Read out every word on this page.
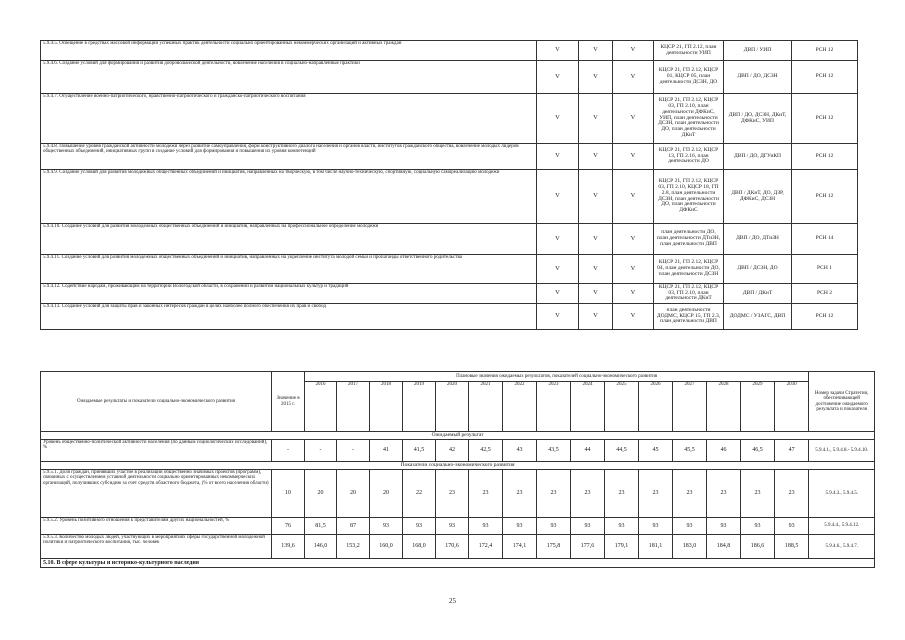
5.9.4.5. Освещение в средствах массовой информации успешных практик деятельности социально ориентированных некоммерческих организаций и активных граждан	V	V	V	КЦСР 21, ГП 2.12, план деятельности УИП	ДВП / УИП	РСН 12
5.9.4.6. Создание условий для формирования и развития добровольческой деятельности, вовлечение населения в социально-направленные практики	V	V	V	КЦСР 21, ГП 2.12, КЦСР 01, КЦСР 05, план деятельности ДСЗН, ДО	ДВП / ДО, ДСЗН	РСН 12
5.9.4.7. Осуществление военно-патриотического, нравственно-патриотического и гражданско-патриотического воспитания	V	V	V	КЦСР 21, ГП 2.12, КЦСР 03, ГП 2.10, план деятельности ДФКиС, УИП, план деятельности ДСЗН, план деятельности ДО, план деятельности ДКиТ	ДВП / ДО, ДСЗН, ДКиТ, ДФКиС, УИП	РСН 12
5.9.4.8. Повышение уровня гражданской активности молодежи через развитие самоуправления, форм конструктивного диалога населения и органов власти, институтов гражданского общества, вовлечение молодых лидеров общественных объединений, инициативных групп в создание условий для формирования и повышения их уровня компетенций	V	V	V	КЦСР 21, ГП 2.12, КЦСР 13, ГП 2.16, план деятельности ДО	ДВП / ДО, ДГУиКП	РСН 12
5.9.4.9. Создание условий для развития молодежных общественных объединений и инициатив, направленных на творческую, в том числе научно-техническую, спортивную, социальную самореализацию молодежи	V	V	V	КЦСР 21, ГП 2.12, КЦСР 03, ГП 2.10, КЦСР 18, ГП 2.8, план деятельности ДСЗН, план деятельности ДО, план деятельности ДФКиС	ДВП / ДКиТ, ДО, ДЗР, ДФКиС, ДСЗН	РСН 12
5.9.4.10. Создание условий для развития молодежных общественных объединений и инициатив, направленных на профессиональное определение молодежи	V	V	V	план деятельности ДО, план деятельности ДТиЗН, план деятельности ДВП	ДВП / ДО, ДТиЗН	РСН 14
5.9.4.11. Создание условий для развития молодежных общественных объединений и инициатив, направленных на укрепление института молодой семьи и пропаганды ответственного родительства	V	V	V	КЦСР 21, ГП 2.12, КЦСР 04, план деятельности ДО, план деятельности ДСЗН	ДВП / ДСЗН, ДО	РСН 1
5.9.4.12. Содействие народам, проживающим на территории Вологодской области, в сохранении и развитии национальных культур и традиций	V	V	V	КЦСР 21, ГП 2.12, КЦСР 03, ГП 2.10, план деятельности ДКиТ	ДВП / ДКиТ	РСН 2
5.9.4.13. Создание условий для защиты прав и законных интересов граждан в целях наиболее полного обеспечения их прав и свобод	V	V	V	план деятельности ДОДМС, КЦСР 15, ГП 2.3, план деятельности ДВП	ДОДМС / УЗАГС, ДВП	РСН 12
Ожидаемые результаты и показатели социально-экономического развития	Значение в 2015 г.	Плановые значения ожидаемых результатов, показателей социально-экономического развития															Номер задачи Стратегии, обеспечивающей достижение ожидаемого результата и показателя
		2016	2017	2018	2019	2020	2021	2022	2023	2024	2025	2026	2027	2028	2029	2030	
Ожидаемый результат																	
Уровень общественно-политической активности населения (по данным социологических исследований), %	-	-	-	41	41,5	42	42,5	43	43,5	44	44,5	45	45,5	46	46,5	47	5.9.4.1., 5.9.4.8.- 5.9.4.10.
Показатели социально-экономического развития																	
5.9.5.1. Доля граждан, принявших участие в реализации общественно значимых проектов (программ), связанных с осуществлением уставной деятельности социально ориентированных некоммерческих организаций, получивших субсидию за счет средств областного бюджета, (% от всего населения области)	10	20	20	20	22	23	23	23	23	23	23	23	23	23	23	23	5.9.4.3., 5.9.4.5.
5.9.5.2. Уровень позитивного отношения к представителям других национальностей, %	76	81,5	87	93	93	93	93	93	93	93	93	93	93	93	93	93	5.9.4.4., 5.9.4.12.
5.9.5.3. Количество молодых людей, участвующих в мероприятиях сферы государственной молодежной политики и патриотического воспитания, тыс. человек	139,6	146,0	153,2	160,0	168,0	170,6	172,4	174,1	175,8	177,6	179,1	181,1	183,0	184,8	186,6	188,5	5.9.4.6., 5.9.4.7.
5.10. В сфере культуры и историко-культурного наследия																	
25
